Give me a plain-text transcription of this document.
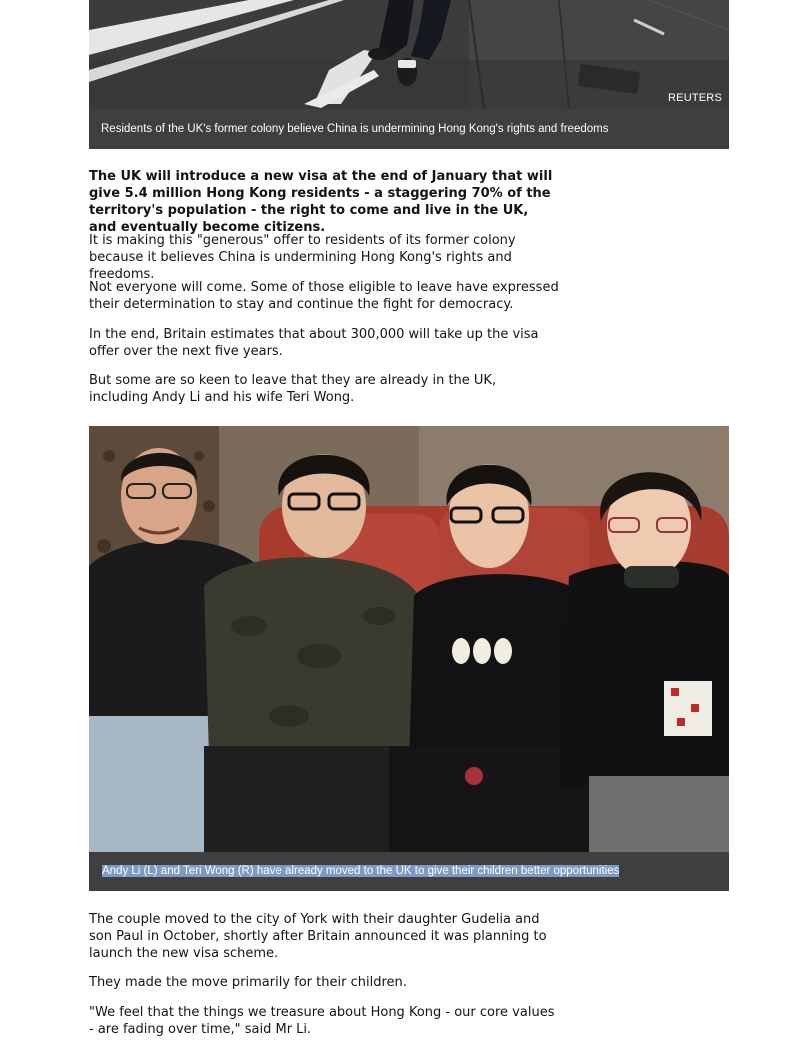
REUTERS
Residents of the UK's former colony believe China is undermining Hong Kong's rights and freedoms

The UK will introduce a new visa at the end of January that will give 5.4 million Hong Kong residents - a staggering 70% of the territory's population - the right to come and live in the UK, and eventually become citizens.

It is making this "generous" offer to residents of its former colony because it believes China is undermining Hong Kong's rights and freedoms.

Not everyone will come. Some of those eligible to leave have expressed their determination to stay and continue the fight for democracy.

In the end, Britain estimates that about 300,000 will take up the visa offer over the next five years.

But some are so keen to leave that they are already in the UK, including Andy Li and his wife Teri Wong.

Andy Li (L) and Teri Wong (R) have already moved to the UK to give their children better opportunities

The couple moved to the city of York with their daughter Gudelia and son Paul in October, shortly after Britain announced it was planning to launch the new visa scheme.

They made the move primarily for their children.

"We feel that the things we treasure about Hong Kong - our core values - are fading over time," said Mr Li.
